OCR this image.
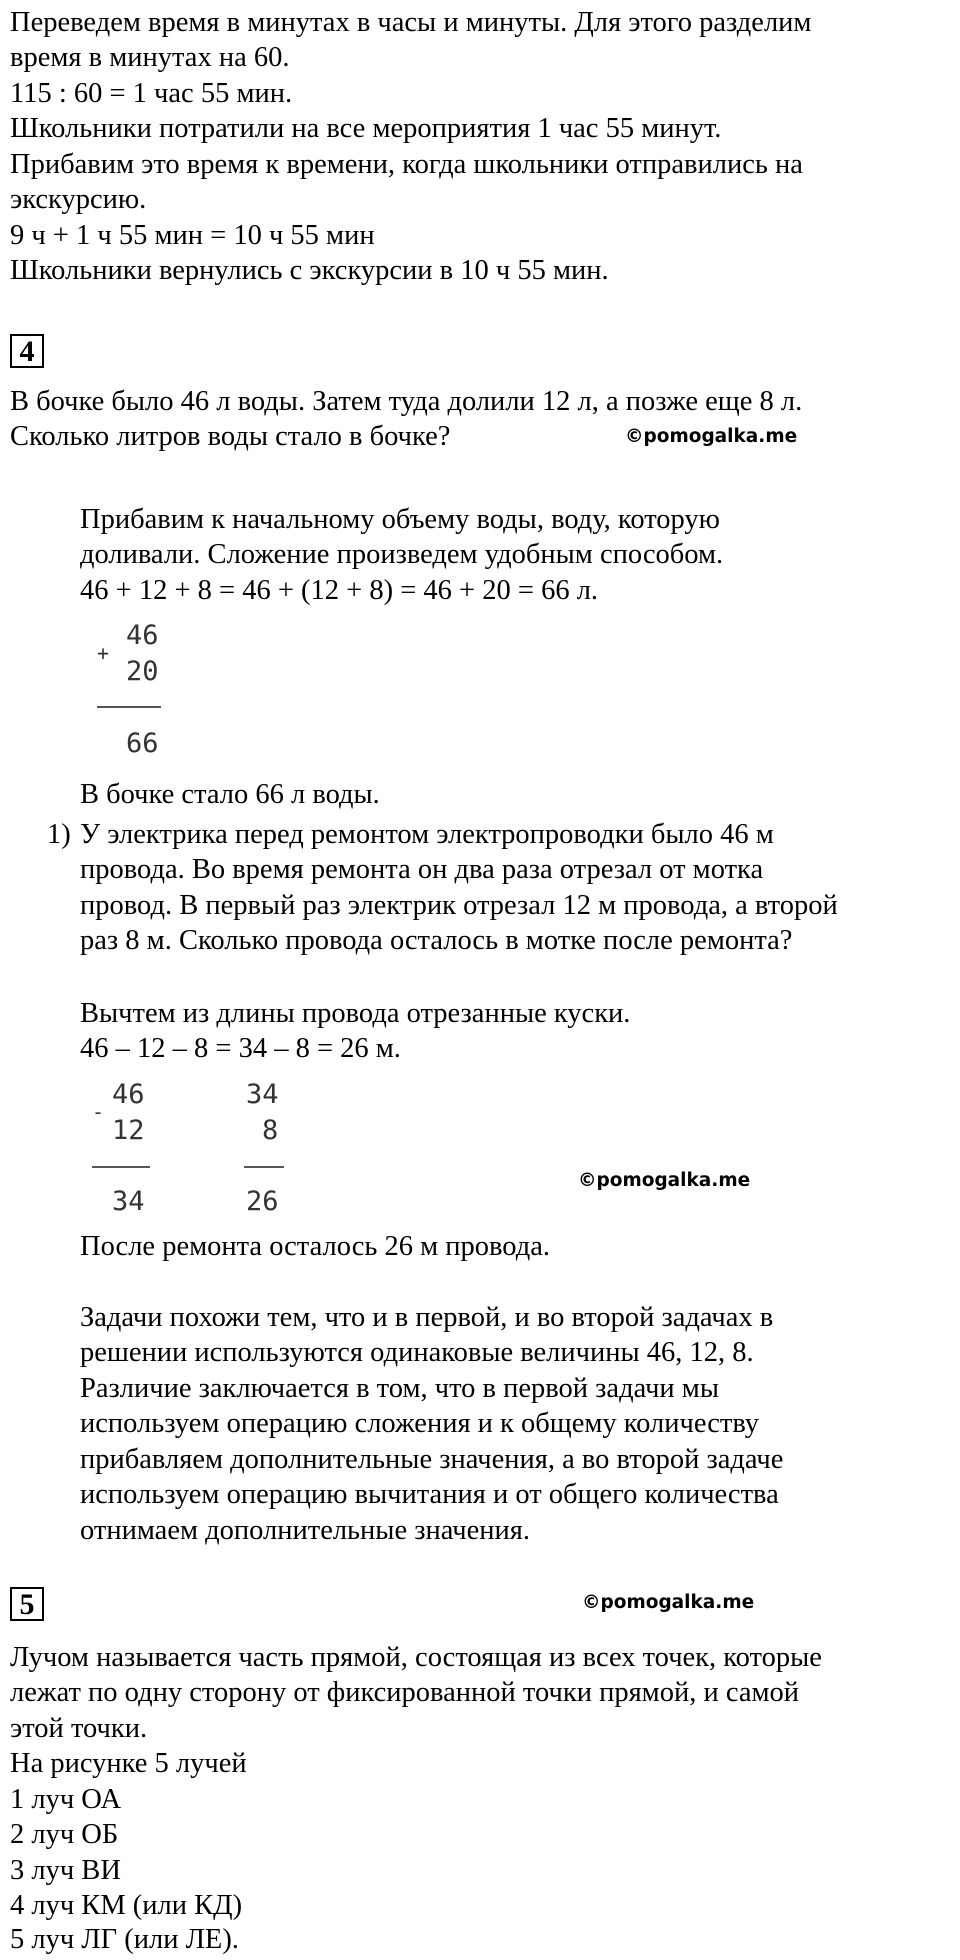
Переведем время в минутах в часы и минуты. Для этого разделим
время в минутах на 60.
115 : 60 = 1 час 55 мин.
Школьники потратили на все мероприятия 1 час 55 минут.
Прибавим это время к времени, когда школьники отправились на
экскурсию.
9 ч + 1 ч 55 мин = 10 ч 55 мин
Школьники вернулись с экскурсии в 10 ч 55 мин.
4
В бочке было 46 л воды. Затем туда долили 12 л, а позже еще 8 л.
Сколько литров воды стало в бочке?	©pomogalka.me
Прибавим к начальному объему воды, воду, которую
доливали. Сложение произведем удобным способом.
46 + 12 + 8 = 46 + (12 + 8) = 46 + 20 = 66 л.
+
46
20
66
В бочке стало 66 л воды.
1) У электрика перед ремонтом электропроводки было 46 м
провода. Во время ремонта он два раза отрезал от мотка
провод. В первый раз электрик отрезал 12 м провода, а второй
раз 8 м. Сколько провода осталось в мотке после ремонта?
Вычтем из длины провода отрезанные куски.
46 – 12 – 8 = 34 – 8 = 26 м.
-
46
12
34
34
8
26
©pomogalka.me
После ремонта осталось 26 м провода.
Задачи похожи тем, что и в первой, и во второй задачах в
решении используются одинаковые величины 46, 12, 8.
Различие заключается в том, что в первой задачи мы
используем операцию сложения и к общему количеству
прибавляем дополнительные значения, а во второй задаче
используем операцию вычитания и от общего количества
отнимаем дополнительные значения.
5	©pomogalka.me
Лучом называется часть прямой, состоящая из всех точек, которые
лежат по одну сторону от фиксированной точки прямой, и самой
этой точки.
На рисунке 5 лучей
1 луч ОА
2 луч ОБ
3 луч ВИ
4 луч КМ (или КД)
5 луч ЛГ (или ЛЕ).
